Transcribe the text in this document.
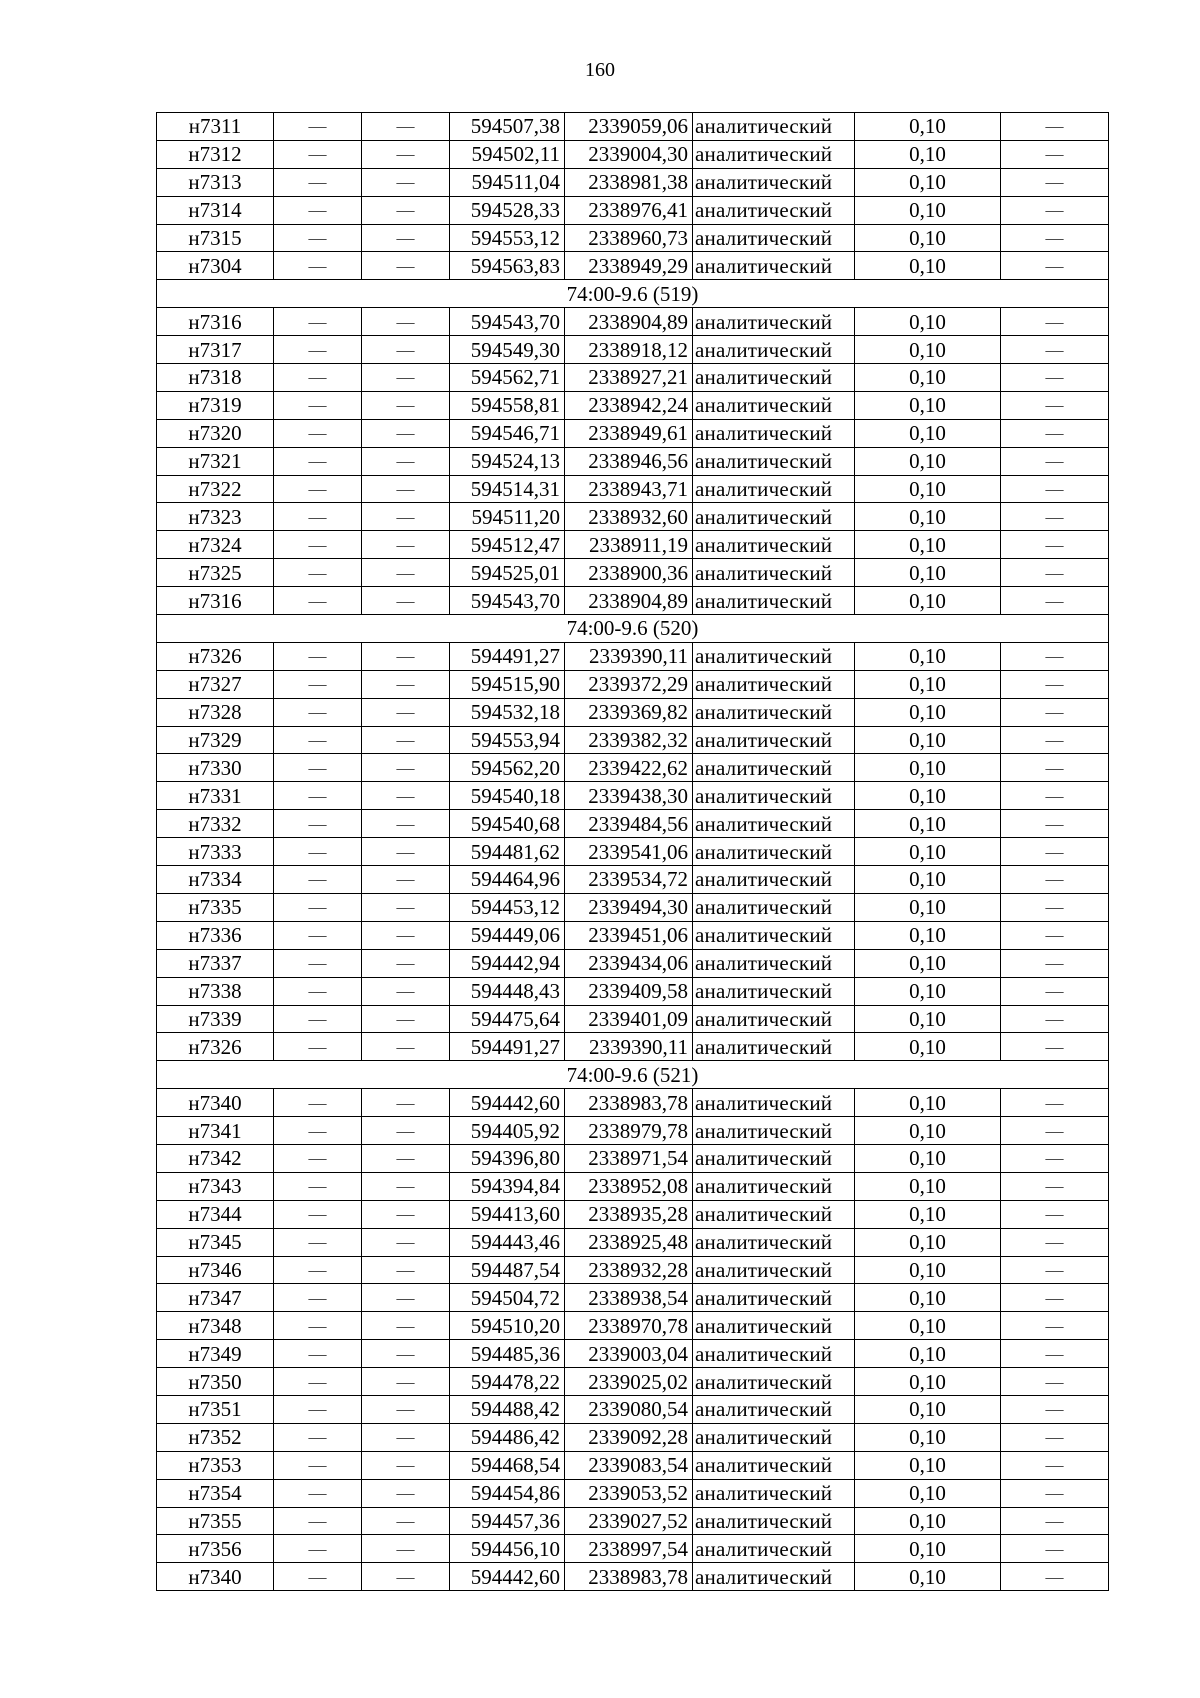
160
н7311	—	—	594507,38	2339059,06	аналитический	0,10	—
н7312	—	—	594502,11	2339004,30	аналитический	0,10	—
н7313	—	—	594511,04	2338981,38	аналитический	0,10	—
н7314	—	—	594528,33	2338976,41	аналитический	0,10	—
н7315	—	—	594553,12	2338960,73	аналитический	0,10	—
н7304	—	—	594563,83	2338949,29	аналитический	0,10	—
74:00-9.6 (519)							
н7316	—	—	594543,70	2338904,89	аналитический	0,10	—
н7317	—	—	594549,30	2338918,12	аналитический	0,10	—
н7318	—	—	594562,71	2338927,21	аналитический	0,10	—
н7319	—	—	594558,81	2338942,24	аналитический	0,10	—
н7320	—	—	594546,71	2338949,61	аналитический	0,10	—
н7321	—	—	594524,13	2338946,56	аналитический	0,10	—
н7322	—	—	594514,31	2338943,71	аналитический	0,10	—
н7323	—	—	594511,20	2338932,60	аналитический	0,10	—
н7324	—	—	594512,47	2338911,19	аналитический	0,10	—
н7325	—	—	594525,01	2338900,36	аналитический	0,10	—
н7316	—	—	594543,70	2338904,89	аналитический	0,10	—
74:00-9.6 (520)							
н7326	—	—	594491,27	2339390,11	аналитический	0,10	—
н7327	—	—	594515,90	2339372,29	аналитический	0,10	—
н7328	—	—	594532,18	2339369,82	аналитический	0,10	—
н7329	—	—	594553,94	2339382,32	аналитический	0,10	—
н7330	—	—	594562,20	2339422,62	аналитический	0,10	—
н7331	—	—	594540,18	2339438,30	аналитический	0,10	—
н7332	—	—	594540,68	2339484,56	аналитический	0,10	—
н7333	—	—	594481,62	2339541,06	аналитический	0,10	—
н7334	—	—	594464,96	2339534,72	аналитический	0,10	—
н7335	—	—	594453,12	2339494,30	аналитический	0,10	—
н7336	—	—	594449,06	2339451,06	аналитический	0,10	—
н7337	—	—	594442,94	2339434,06	аналитический	0,10	—
н7338	—	—	594448,43	2339409,58	аналитический	0,10	—
н7339	—	—	594475,64	2339401,09	аналитический	0,10	—
н7326	—	—	594491,27	2339390,11	аналитический	0,10	—
74:00-9.6 (521)							
н7340	—	—	594442,60	2338983,78	аналитический	0,10	—
н7341	—	—	594405,92	2338979,78	аналитический	0,10	—
н7342	—	—	594396,80	2338971,54	аналитический	0,10	—
н7343	—	—	594394,84	2338952,08	аналитический	0,10	—
н7344	—	—	594413,60	2338935,28	аналитический	0,10	—
н7345	—	—	594443,46	2338925,48	аналитический	0,10	—
н7346	—	—	594487,54	2338932,28	аналитический	0,10	—
н7347	—	—	594504,72	2338938,54	аналитический	0,10	—
н7348	—	—	594510,20	2338970,78	аналитический	0,10	—
н7349	—	—	594485,36	2339003,04	аналитический	0,10	—
н7350	—	—	594478,22	2339025,02	аналитический	0,10	—
н7351	—	—	594488,42	2339080,54	аналитический	0,10	—
н7352	—	—	594486,42	2339092,28	аналитический	0,10	—
н7353	—	—	594468,54	2339083,54	аналитический	0,10	—
н7354	—	—	594454,86	2339053,52	аналитический	0,10	—
н7355	—	—	594457,36	2339027,52	аналитический	0,10	—
н7356	—	—	594456,10	2338997,54	аналитический	0,10	—
н7340	—	—	594442,60	2338983,78	аналитический	0,10	—
